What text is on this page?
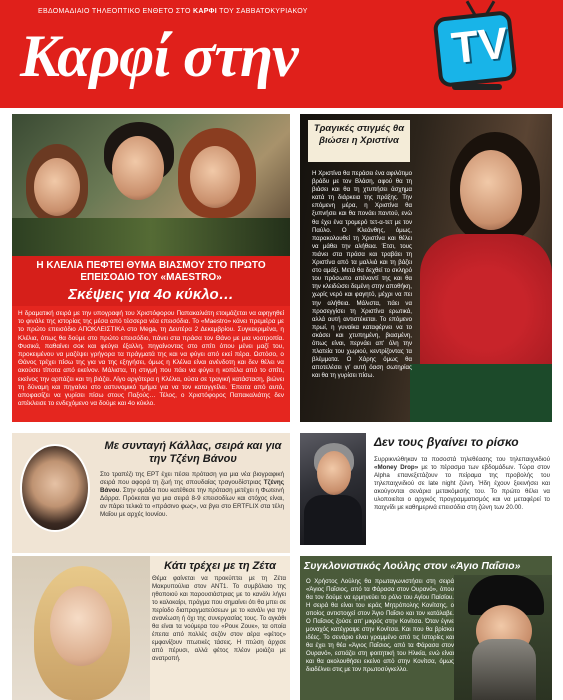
ΕΒΔΟΜΑΔΙΑΙΟ ΤΗΛΕΟΠΤΙΚΟ ΕΝΘΕΤΟ ΣΤΟ ΚΑΡΦΙ ΤΟΥ ΣΑΒΒΑΤΟΚΥΡΙΑΚΟΥ
Καρφί στην	TV
Η ΚΛΕΛΙΑ ΠΕΦΤΕΙ ΘΥΜΑ ΒΙΑΣΜΟΥ ΣΤΟ ΠΡΩΤΟ ΕΠΕΙΣΟΔΙΟ ΤΟΥ «MAESTRO»
Σκέψεις για 4ο κύκλο…
Η δραματική σειρά με την υπογραφή του Χριστόφορου Παπακαλιάτη ετοιμάζεται να αφηγηθεί το φινάλε της ιστορίας της μέσα από τέσσερα νέα επεισόδια. Το «Maestro» κάνει πρεμιέρα με το πρώτο επεισόδιο ΑΠΟΚΛΕΙΣΤΙΚΑ στο Mega, τη Δευτέρα 2 Δεκεμβρίου. Συγκεκριμένα, η Κλέλια, όπως θα δούμε στο πρώτο επεισόδιο, πάνει στα πράσα τον Θάνο με μια νοοτροπία. Φυσικά, παθαίνει σοκ και φεύγει έξαλλη, πηγαίνοντας στο σπίτι όπου μένει μαζί του, προκειμένου να μαζέψει γρήγορα τα πράγματά της και να φύγει από εκεί πέρα. Ωστόσο, ο Θάνος τρέχει πίσω της για να της εξηγήσει, όμως η Κλέλια είναι ανένδοτη και δεν θέλει να ακούσει τίποτα από εκείνον. Μάλιστα, τη στιγμή που πάει να φύγει η κοπέλα από το σπίτι, εκείνος την αρπάζει και τη βιάζει. Λίγο αργότερα η Κλέλια, ούσα σε τραγική κατάσταση, βιώνει τη δύναμη και πηγαίνει στο αστυνομικό τμήμα για να τον καταγγείλει. Έπειτα από αυτό, αποφασίζει να γυρίσει πίσω στους Παξούς… Τέλος, ο Χριστόφορος Παπακαλιάτης δεν απέκλεισε το ενδεχόμενο να δούμε και 4ο κύκλο.
Τραγικές στιγμές θα βιώσει η Χριστίνα
Η Χριστίνα θα περάσει ένα αφιλότιμο βράδυ με τον Βλάση, αφού θα τη βιάσει και θα τη χτυπήσει άσχημα κατά τη διάρκεια της πράξης. Την επόμενη μέρα, η Χριστίνα θα ξυπνήσει και θα πονάει παντού, ενώ θα έχει ένα τρομερό τετ-α-τετ με τον Παύλο. Ο Κλεάνθης, όμως, παρακολουθεί τη Χριστίνα και θέλει να μάθει την αλήθεια. Έτσι, τους πιάνει στα πράσα και τραβάει τη Χριστίνα από τα μαλλιά και τη βάζει στο αμάξι. Μετά θα δεχθεί το σκληρό του πρόσωπο απέναντί της και θα την κλειδώσει δεμένη στην αποθήκη, χωρίς νερό και φαγητό, μέχρι να πει την αλήθεια. Μάλιστα, πάει να προσεγγίσει τη Χριστίνα ερωτικά, αλλά αυτή αντιστέκεται. Το επόμενο πρωί, η γυναίκα καταφέρνει να το σκάσει και χτυπημένη, βιασμένη, όπως είναι, περνάει απ' όλη την πλατεία του χωριού, κεντρίζοντας τα βλέμματα. Ο Χάρης όμως θα αποτελέσει γι' αυτή όαση σωτηρίας και θα τη γυρίσει πίσω.
Με συνταγή Κάλλας, σειρά και για την Τζένη Βάνου
Στο τραπέζι της ΕΡΤ έχει πέσει πρόταση για μια νέα βιογραφική σειρά που αφορά τη ζωή της σπουδαίας τραγουδίστριας Τζένης Βάνου. Στην ομάδα που κατέθεσε την πρόταση μετέχει η Φωτεινή Δάρρα. Πρόκειται για μια σειρά 8-9 επεισοδίων και στόχος είναι, αν πάρει τελικά το «πράσινο φως», να βγει στο ERTFLIX στα τέλη Μαΐου με αρχές Ιουνίου.
Δεν τους βγαίνει το ρίσκο
Συρρικνώθηκαν τα ποσοστά τηλεθέασης του τηλεπαιχνιδιού «Money Drop» με το πέρασμα των εβδομάδων. Τώρα στον Alpha επανεξετάζουν το πείραμα της προβολής του τηλεπαιχνιδιού σε late night ζώνη. Ήδη έχουν ξεκινήσει και ακούγονται σενάρια μετακόμισής του. Το πρώτο θέλει να υλοποιείται ο αρχικός προγραμματισμός και να μεταφέρεί το παιχνίδι με καθημερινά επεισόδια στη ζώνη των 20.00.
Κάτι τρέχει με τη Ζέτα
Θέμα φαίνεται να προκύπτει με τη Ζέτα Μακρυπούλια στον ΑΝΤ1. Το συμβόλαιο της ηθοποιού και παρουσιάστριας με το κανάλι λήγει το καλοκαίρι, πράγμα που σημαίνει ότι θα μπει σε περίοδο διαπραγματεύσεων με το κανάλι για την ανανέωση ή όχι της συνεργασίας τους. Το αγκάθι θα είναι τα νούμερα του «Ρουκ Ζουκ», τα οποία έπειτα από πολλές σεζόν στον αέρα «φέτος» εμφανίζουν πτωτικές τάσεις. Η πτώση άρχισε από πέρυσι, αλλά φέτος πλέον μοιάζει με ανατροπή.
Συγκλονιστικός Λούλης στον «Άγιο Παΐσιο»
Ο Χρήστος Λούλης θα πρωταγωνιστήσει στη σειρά «Άγιος Παΐσιος, από τα Φάρασα στον Ουρανό», όπου θα τον δούμε να ερμηνεύει το ρόλο του Αγίου Παϊσίου. Η σειρά θα είναι του ιεράς Μητρόπολης Κονίτσης, ο οποίος αντιστοιχεί στον Άγιο Παΐσιο και τον κατάλαβε. Ο Παΐσιος ζούσε απ' μικρός στην Κονίτσα. Όταν έγινε μοναχός κατέγραψε στην Κονίτσα. Και που θα βρίσκει ιδέες. Το σενάριο είναι γραμμένο από τις Ιστορίες και θα έχει τη θέα «Άγιος Παΐσιος, από τα Φάρασα στον Ουρανό», εστιάζει στη φοιτητική του Ηλικία, ενώ είναι και θα ακολουθήσει εκείνο από στην Κονίτσα, όμως διαδέλνει στις με τον πρωτοσύγκελλο.
